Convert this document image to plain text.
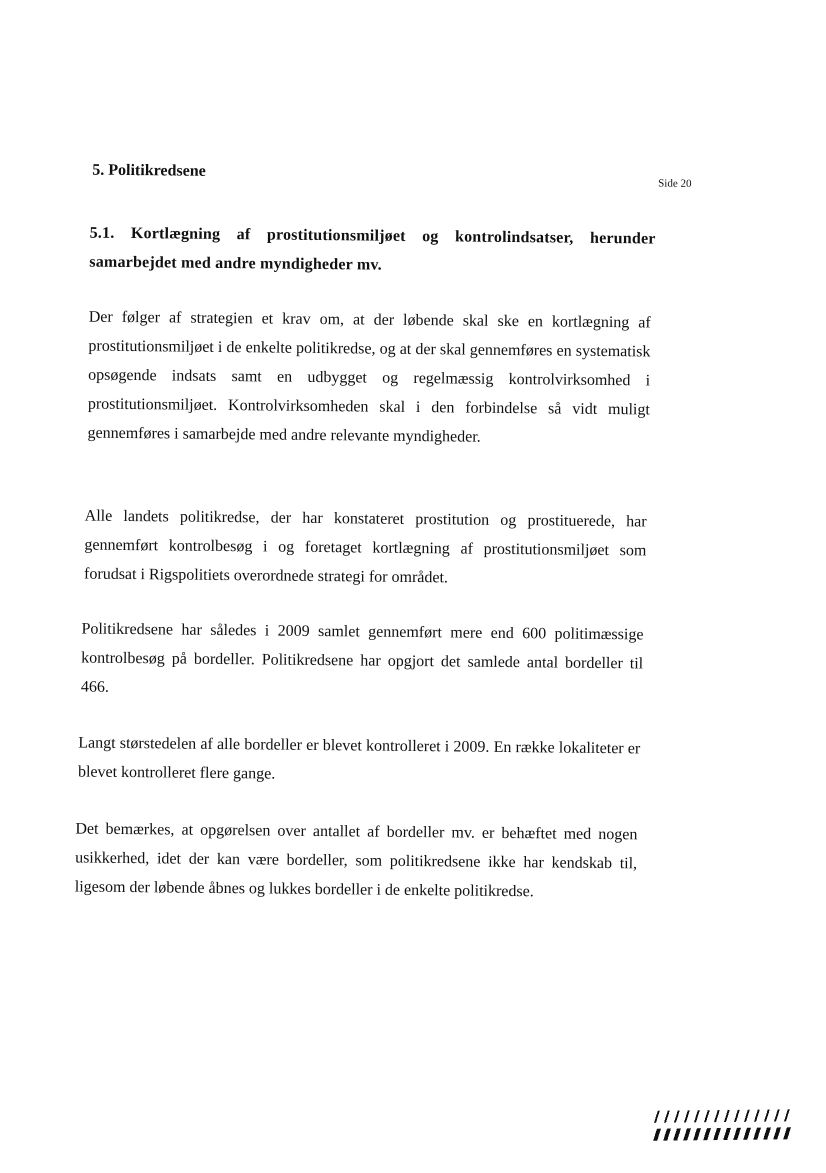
5. Politikredsene
Side 20
5.1. Kortlægning af prostitutionsmiljøet og kontrolindsatser, herunder samarbejdet med andre myndigheder mv.

Der følger af strategien et krav om, at der løbende skal ske en kortlægning af prostitutionsmiljøet i de enkelte politikredse, og at der skal gennemføres en systematisk opsøgende indsats samt en udbygget og regelmæssig kontrolvirksomhed i prostitutionsmiljøet. Kontrolvirksomheden skal i den forbindelse så vidt muligt gennemføres i samarbejde med andre relevante myndigheder.

Alle landets politikredse, der har konstateret prostitution og prostituerede, har gennemført kontrolbesøg i og foretaget kortlægning af prostitutionsmiljøet som forudsat i Rigspolitiets overordnede strategi for området.

Politikredsene har således i 2009 samlet gennemført mere end 600 politimæssige kontrolbesøg på bordeller. Politikredsene har opgjort det samlede antal bordeller til 466.

Langt størstedelen af alle bordeller er blevet kontrolleret i 2009. En række lokaliteter er blevet kontrolleret flere gange.

Det bemærkes, at opgørelsen over antallet af bordeller mv. er behæftet med nogen usikkerhed, idet der kan være bordeller, som politikredsene ikke har kendskab til, ligesom der løbende åbnes og lukkes bordeller i de enkelte politikredse.
